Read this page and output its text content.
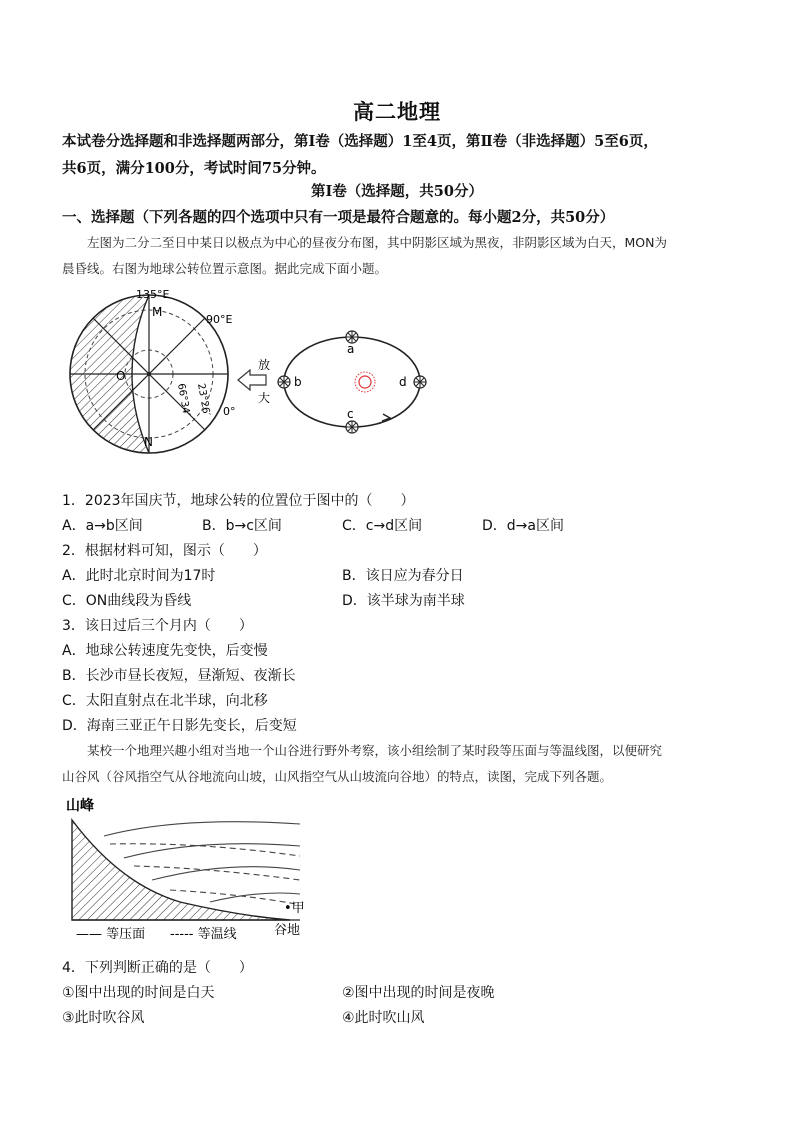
高二地理
本试卷分选择题和非选择题两部分，第Ⅰ卷（选择题）1至4页，第Ⅱ卷（非选择题）5至6页，
共6页，满分100分，考试时间75分钟。
第Ⅰ卷（选择题，共50分）
一、选择题（下列各题的四个选项中只有一项是最符合题意的。每小题2分，共50分）
左图为二分二至日中某日以极点为中心的昼夜分布图，其中阴影区域为黑夜，非阴影区域为白天，MON为
晨昏线。右图为地球公转位置示意图。据此完成下面小题。
135°E
90°E
0°
M
N
O
66°34′ 23°26′
放
大
a
b
c
d
1．2023年国庆节，地球公转的位置位于图中的（　　）
A．a→b区间	B．b→c区间	C．c→d区间	D．d→a区间
2．根据材料可知，图示（　　）
A．此时北京时间为17时	B．该日应为春分日
C．ON曲线段为昏线	D．该半球为南半球
3．该日过后三个月内（　　）
A．地球公转速度先变快，后变慢
B．长沙市昼长夜短，昼渐短、夜渐长
C．太阳直射点在北半球，向北移
D．海南三亚正午日影先变长，后变短
某校一个地理兴趣小组对当地一个山谷进行野外考察，该小组绘制了某时段等压面与等温线图，以便研究
山谷风（谷风指空气从谷地流向山坡，山风指空气从山坡流向谷地）的特点，读图，完成下列各题。
山峰
•甲
谷地
—— 等压面 ----- 等温线
4．下列判断正确的是（　　）
①图中出现的时间是白天	②图中出现的时间是夜晚
③此时吹谷风	④此时吹山风
